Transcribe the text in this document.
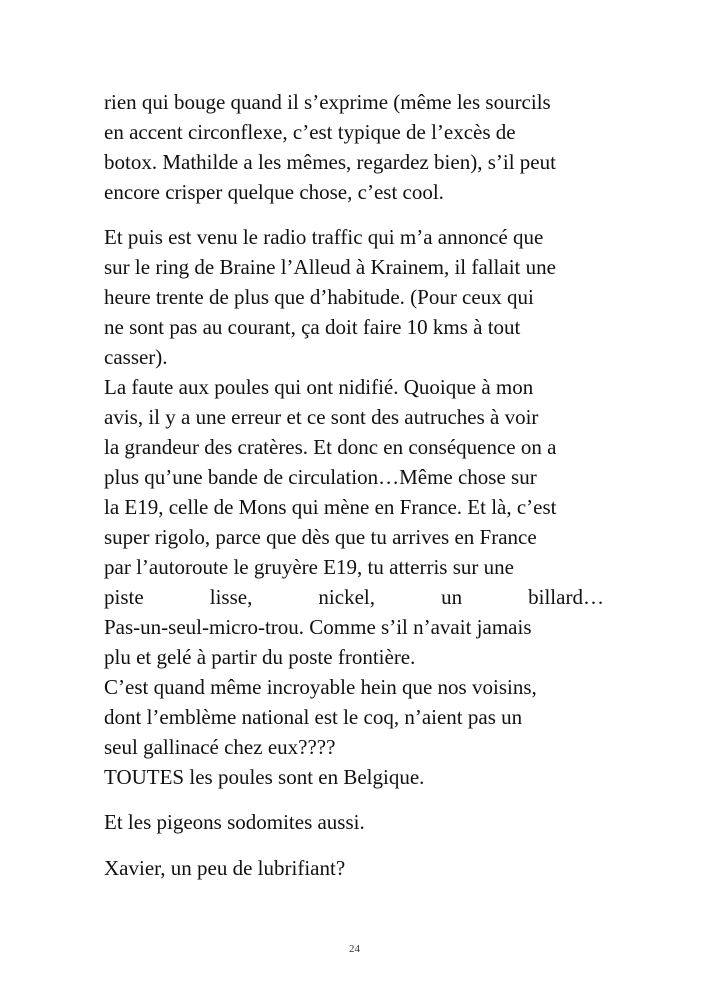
rien qui bouge quand il s’exprime (même les sourcils
en accent circonflexe, c’est typique de l’excès de
botox. Mathilde a les mêmes, regardez bien), s’il peut
encore crisper quelque chose, c’est cool.
Et puis est venu le radio traffic qui m’a annoncé que
sur le ring de Braine l’Alleud à Krainem, il fallait une
heure trente de plus que d’habitude. (Pour ceux qui
ne sont pas au courant, ça doit faire 10 kms à tout
casser).
La faute aux poules qui ont nidifié. Quoique à mon
avis, il y a une erreur et ce sont des autruches à voir
la grandeur des cratères. Et donc en conséquence on a
plus qu’une bande de circulation…Même chose sur
la E19, celle de Mons qui mène en France. Et là, c’est
super rigolo, parce que dès que tu arrives en France
par l’autoroute le gruyère E19, tu atterris sur une
piste	lisse,	nickel,	un	billard…
Pas-un-seul-micro-trou. Comme s’il n’avait jamais
plu et gelé à partir du poste frontière.
C’est quand même incroyable hein que nos voisins,
dont l’emblème national est le coq, n’aient pas un
seul gallinacé chez eux????
TOUTES les poules sont en Belgique.
Et les pigeons sodomites aussi.
Xavier, un peu de lubrifiant?
24
